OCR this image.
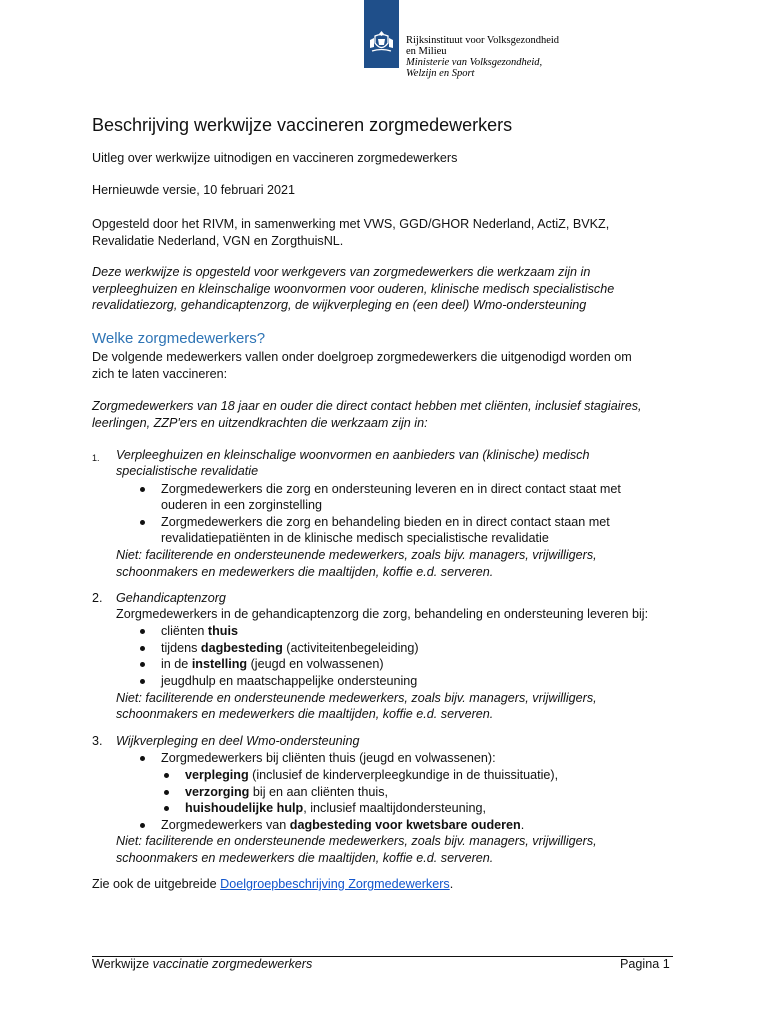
Rijksinstituut voor Volksgezondheid
en Milieu
Ministerie van Volksgezondheid,
Welzijn en Sport
Beschrijving werkwijze vaccineren zorgmedewerkers
Uitleg over werkwijze uitnodigen en vaccineren zorgmedewerkers
Hernieuwde versie, 10 februari 2021
Opgesteld door het RIVM, in samenwerking met VWS, GGD/GHOR Nederland, ActiZ, BVKZ,
Revalidatie Nederland, VGN en ZorgthuisNL.
Deze werkwijze is opgesteld voor werkgevers van zorgmedewerkers die werkzaam zijn in
verpleeghuizen en kleinschalige woonvormen voor ouderen, klinische medisch specialistische
revalidatiezorg, gehandicaptenzorg, de wijkverpleging en (een deel) Wmo-ondersteuning
Welke zorgmedewerkers?
De volgende medewerkers vallen onder doelgroep zorgmedewerkers die uitgenodigd worden om
zich te laten vaccineren:
Zorgmedewerkers van 18 jaar en ouder die direct contact hebben met cliënten, inclusief stagiaires,
leerlingen, ZZP'ers en uitzendkrachten die werkzaam zijn in:
1. Verpleeghuizen en kleinschalige woonvormen en aanbieders van (klinische) medisch
specialistische revalidatie
Zorgmedewerkers die zorg en ondersteuning leveren en in direct contact staat met
ouderen in een zorginstelling
Zorgmedewerkers die zorg en behandeling bieden en in direct contact staan met
revalidatiepatiënten in de klinische medisch specialistische revalidatie
Niet: faciliterende en ondersteunende medewerkers, zoals bijv. managers, vrijwilligers,
schoonmakers en medewerkers die maaltijden, koffie e.d. serveren.
2. Gehandicaptenzorg
Zorgmedewerkers in de gehandicaptenzorg die zorg, behandeling en ondersteuning leveren bij:
cliënten thuis
tijdens dagbesteding (activiteitenbegeleiding)
in de instelling (jeugd en volwassenen)
jeugdhulp en maatschappelijke ondersteuning
Niet: faciliterende en ondersteunende medewerkers, zoals bijv. managers, vrijwilligers,
schoonmakers en medewerkers die maaltijden, koffie e.d. serveren.
3. Wijkverpleging en deel Wmo-ondersteuning
Zorgmedewerkers bij cliënten thuis (jeugd en volwassenen):
verpleging (inclusief de kinderverpleegkundige in de thuissituatie),
verzorging bij en aan cliënten thuis,
huishoudelijke hulp, inclusief maaltijdondersteuning,
Zorgmedewerkers van dagbesteding voor kwetsbare ouderen.
Niet: faciliterende en ondersteunende medewerkers, zoals bijv. managers, vrijwilligers,
schoonmakers en medewerkers die maaltijden, koffie e.d. serveren.
Zie ook de uitgebreide Doelgroepbeschrijving Zorgmedewerkers.
Werkwijze vaccinatie zorgmedewerkers	Pagina 1
